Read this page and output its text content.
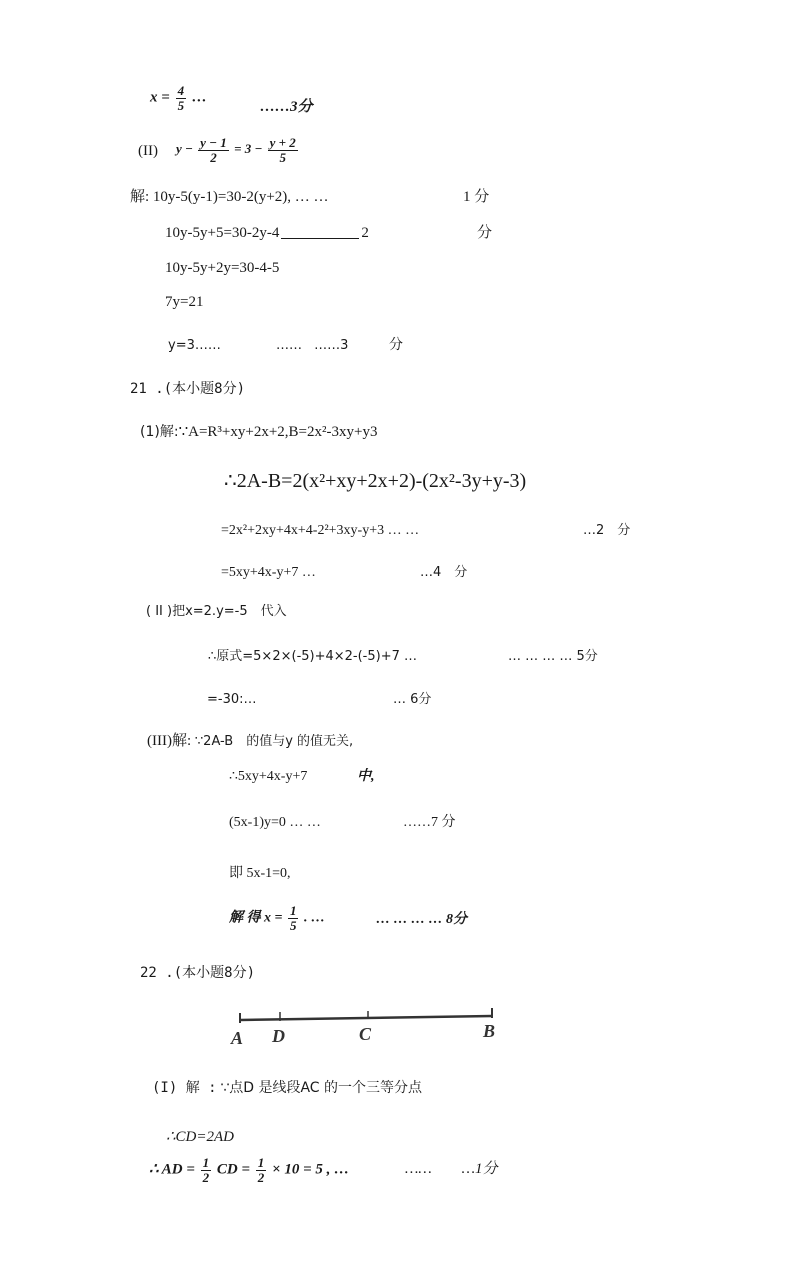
$x = \frac{4}{5}$ …
……3分
(II) $y - \frac{y - 1}{2} = 3 - \frac{y + 2}{5}$
解: 10y-5(y-1)=30-2(y+2), … …	1 分
10y-5y+5=30-2y-4	2	分
10y-5y+2y=30-4-5
7y=21
y=3……	…… ……3	分
21 .(本小题8分)
(1)解:∵A=R³+xy+2x+2,B=2x²-3xy+y3
∴2A-B=2(x²+xy+2x+2)-(2x²-3y+y-3)
=2x²+2xy+4x+4-2²+3xy-y+3 … …	…2　分
=5xy+4x-y+7 …	…4　分
( II )把x=2.y=-5　代入
∴原式=5×2×(-5)+4×2-(-5)+7 …	… … … … 5分
=-30:…	… 6分
(III)解: ∵2A-B　的值与y 的值无关,
∴5xy+4x-y+7	中,
(5x-1)y=0 … …	……7 分
即 5x-1=0,
解 得 $x = \frac{1}{5}$ . …	… … … … 8分
22 .(本小题8分)
A D	C	B
(I) 解 : ∵点D 是线段AC 的一个三等分点
∴CD=2AD
∴ AD = $\frac{1}{2}$ CD = $\frac{1}{2} \times 10 = 5$ , …	……　　…1分
